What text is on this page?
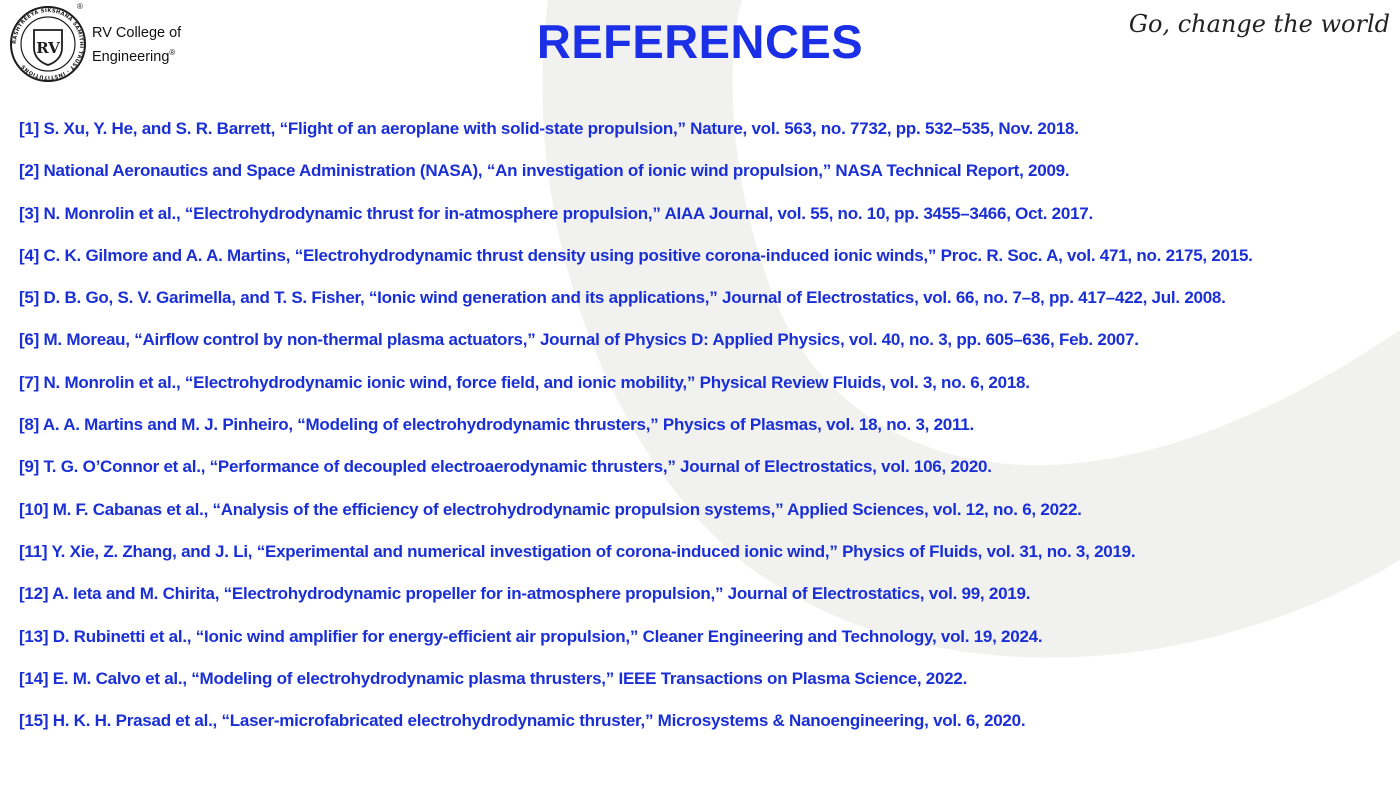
RASHTREEYA SIKSHANA SAMITHI TRUST · INSTITUTIONS
RV
®
RV College of
Engineering®	REFERENCES	Go, change the world
[1] S. Xu, Y. He, and S. R. Barrett, “Flight of an aeroplane with solid-state propulsion,” Nature, vol. 563, no. 7732, pp. 532–535, Nov. 2018.
[2] National Aeronautics and Space Administration (NASA), “An investigation of ionic wind propulsion,” NASA Technical Report, 2009.
[3] N. Monrolin et al., “Electrohydrodynamic thrust for in-atmosphere propulsion,” AIAA Journal, vol. 55, no. 10, pp. 3455–3466, Oct. 2017.
[4] C. K. Gilmore and A. A. Martins, “Electrohydrodynamic thrust density using positive corona-induced ionic winds,” Proc. R. Soc. A, vol. 471, no. 2175, 2015.
[5] D. B. Go, S. V. Garimella, and T. S. Fisher, “Ionic wind generation and its applications,” Journal of Electrostatics, vol. 66, no. 7–8, pp. 417–422, Jul. 2008.
[6] M. Moreau, “Airflow control by non-thermal plasma actuators,” Journal of Physics D: Applied Physics, vol. 40, no. 3, pp. 605–636, Feb. 2007.
[7] N. Monrolin et al., “Electrohydrodynamic ionic wind, force field, and ionic mobility,” Physical Review Fluids, vol. 3, no. 6, 2018.
[8] A. A. Martins and M. J. Pinheiro, “Modeling of electrohydrodynamic thrusters,” Physics of Plasmas, vol. 18, no. 3, 2011.
[9] T. G. O’Connor et al., “Performance of decoupled electroaerodynamic thrusters,” Journal of Electrostatics, vol. 106, 2020.
[10] M. F. Cabanas et al., “Analysis of the efficiency of electrohydrodynamic propulsion systems,” Applied Sciences, vol. 12, no. 6, 2022.
[11] Y. Xie, Z. Zhang, and J. Li, “Experimental and numerical investigation of corona-induced ionic wind,” Physics of Fluids, vol. 31, no. 3, 2019.
[12] A. Ieta and M. Chirita, “Electrohydrodynamic propeller for in-atmosphere propulsion,” Journal of Electrostatics, vol. 99, 2019.
[13] D. Rubinetti et al., “Ionic wind amplifier for energy-efficient air propulsion,” Cleaner Engineering and Technology, vol. 19, 2024.
[14] E. M. Calvo et al., “Modeling of electrohydrodynamic plasma thrusters,” IEEE Transactions on Plasma Science, 2022.
[15] H. K. H. Prasad et al., “Laser-microfabricated electrohydrodynamic thruster,” Microsystems & Nanoengineering, vol. 6, 2020.
